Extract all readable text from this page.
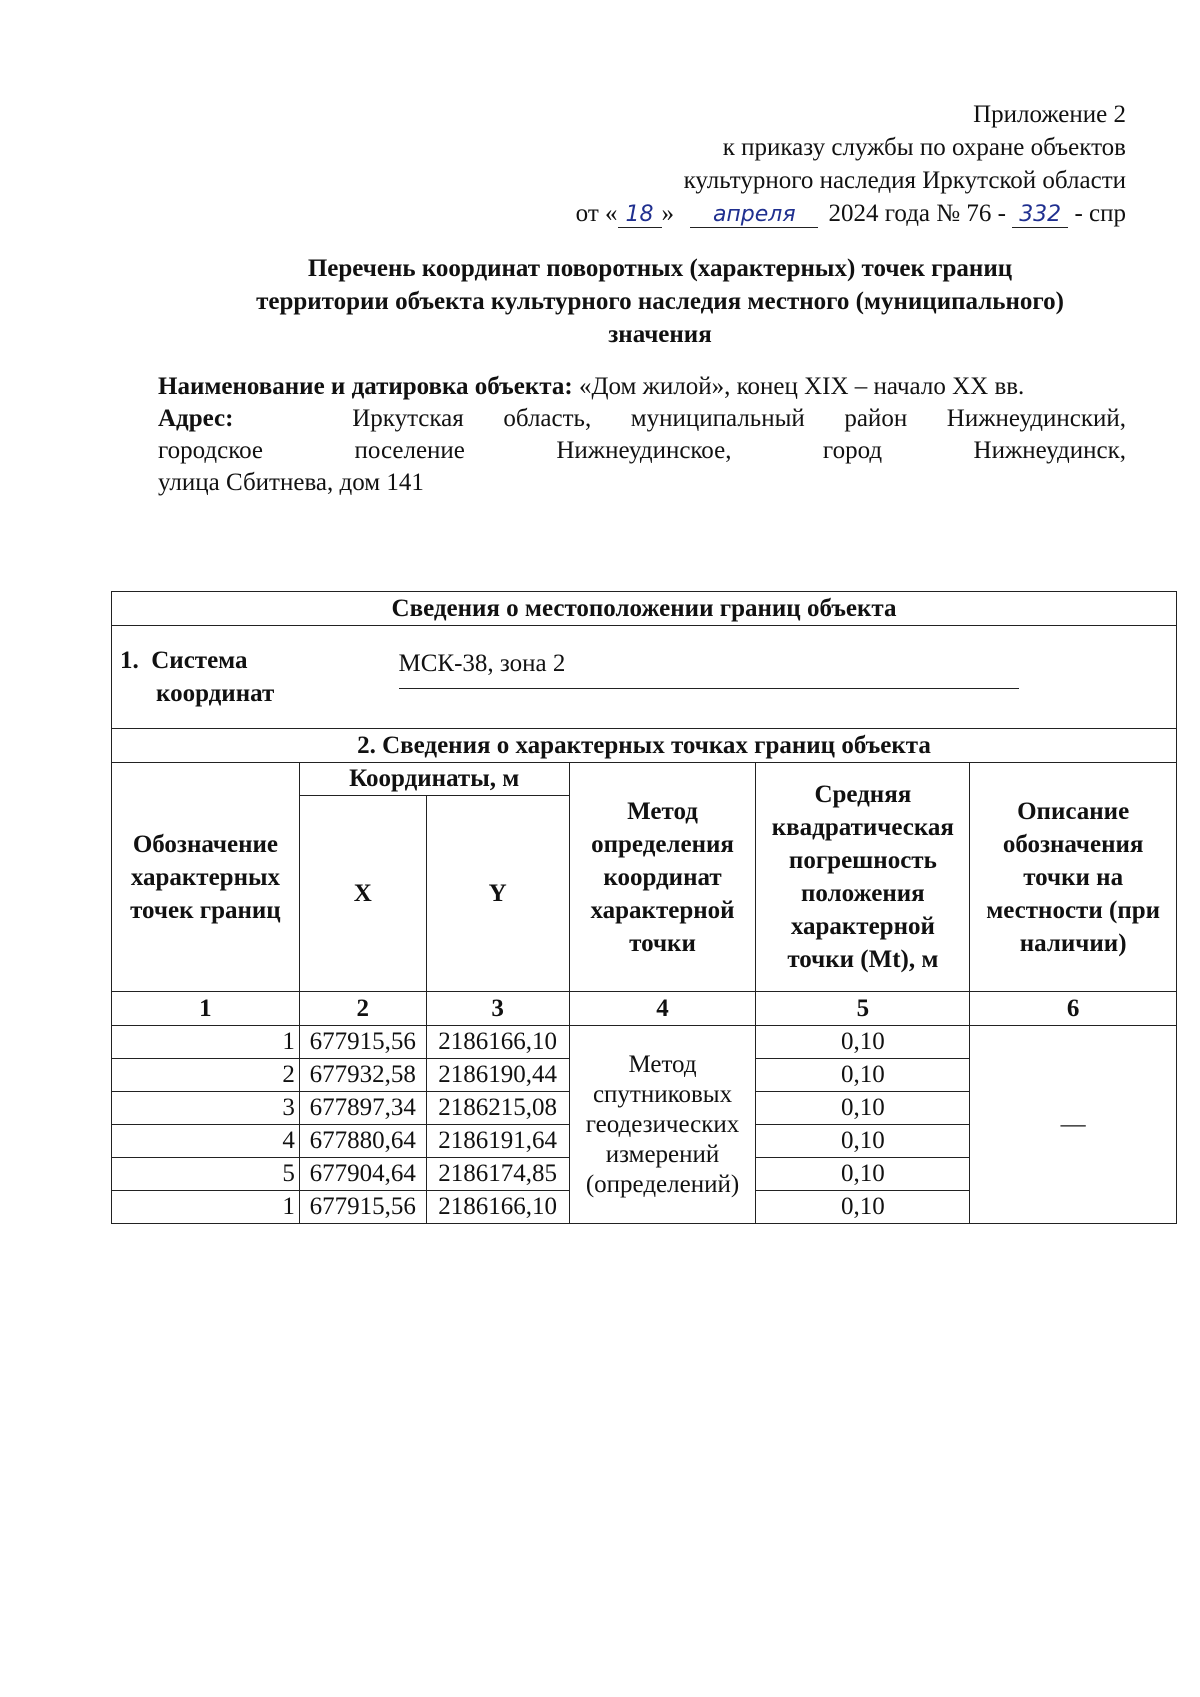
Приложение 2
к приказу службы по охране объектов
культурного наследия Иркутской области
от « 18 » апреля 2024 года № 76 - 332 - спр
Перечень координат поворотных (характерных) точек границ
территории объекта культурного наследия местного (муниципального)
значения

Наименование и датировка объекта: «Дом жилой», конец XIX – начало XX вв.

Адрес:	Иркутская область, муниципальный район Нижнеудинский,

городское поселение Нижнеудинское, город Нижнеудинск,

улица Сбитнева, дом 141

Сведения о местоположении границ объекта					
1.  Система
координат МСК-38, зона 2					
2. Сведения о характерных точках границ объекта					
Обозначение характерных точек границ	Координаты, м		Метод определения координат характерной точки	Средняя квадратическая погрешность положения характерной точки (Mt), м	Описание обозначения точки на местности (при наличии)
	X	Y			
1	2	3	4	5	6
1	677915,56	2186166,10	Метод спутниковых геодезических измерений (определений)	0,10	—
2	677932,58	2186190,44		0,10	
3	677897,34	2186215,08		0,10	
4	677880,64	2186191,64		0,10	
5	677904,64	2186174,85		0,10	
1	677915,56	2186166,10		0,10	
